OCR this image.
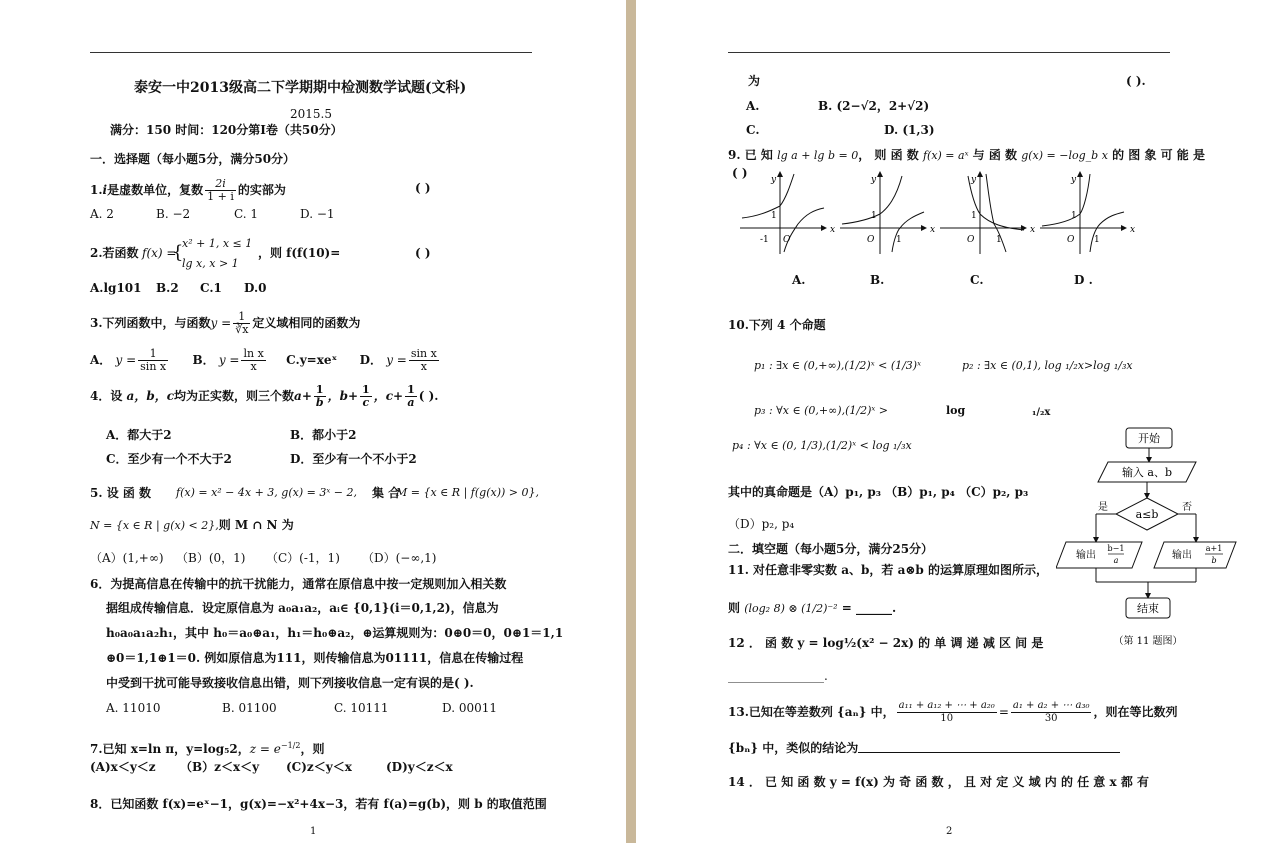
泰安一中2013级高二下学期期中检测数学试题(文科)
2015.5
满分：150 时间：120分第Ⅰ卷（共50分）
一．选择题（每小题5分，满分50分）
1.i是虚数单位，复数 $\frac{2i}{1 + i}$ 的实部为	( )
A. 2	B. −2	C. 1	D. −1
2.若函数 f(x) =
{
x² + 1, x ≤ 1
lg x, x > 1
，则 f(f(10)=	( )
A.lg101 B.2 C.1 D.0
3.下列函数中，与函数$y = \frac{1}{∛x}$ 定义域相同的函数为
A． $y = \frac{1}{\text{sin x}}$ B． $y = \frac{\text{ln x}}{x}$ C.y=xeˣ D． $y = \frac{\text{sin x}}{x}$
4．设 a，b，c均为正实数，则三个数$a+ \frac{1}{b}$ ，$b+ \frac{1}{c}$ ，$c+ \frac{1}{a}$ ( ).
A．都大于2	B．都小于2
C．至少有一个不大于2	D．至少有一个不小于2
5. 设 函 数 f(x) = x² − 4x + 3, g(x) = 3ˣ − 2, 集 合
M = {x ∈ R | f(g(x)) > 0},
N = {x ∈ R | g(x) < 2},则 M ∩ N 为
（A）(1,+∞) （B）(0，1) （C）(-1，1) （D）(−∞,1)
6．为提高信息在传输中的抗干扰能力，通常在原信息中按一定规则加入相关数
据组成传输信息．设定原信息为 a₀a₁a₂，aᵢ∈ {0,1}(i＝0,1,2)，信息为
h₀a₀a₁a₂h₁，其中 h₀＝a₀⊕a₁，h₁＝h₀⊕a₂，⊕运算规则为：0⊕0＝0，0⊕1＝1,1
⊕0＝1,1⊕1＝0. 例如原信息为111，则传输信息为01111，信息在传输过程
中受到干扰可能导致接收信息出错，则下列接收信息一定有误的是( ).
A. 11010	B. 01100	C. 10111	D. 00011
7.已知 x=ln π，y=log₅2，$z = e^{-1/2}$，则
(A)x＜y＜z （B）z＜x＜y (C)z＜y＜x	(D)y＜z＜x
8．已知函数 f(x)=eˣ−1，g(x)=−x²+4x−3，若有 f(a)=g(b)，则 b 的取值范围
1
为	( ).
A.	B. (2−√2，2+√2)
C.	D. (1,3)
9. 已 知 lg a + lg b = 0， 则 函 数 f(x) = aˣ 与 函 数 g(x) = −log_b x 的 图 象 可 能 是
( )	y
x
O
1
-1
y
x
O
1
1
y
x
O
1
1
y
x
O
1
1
A.	B.	C.	D .
10.下列 4 个命题
p₁ : ∃x ∈ (0,+∞),(1/2)ˣ < (1/3)ˣ	p₂ : ∃x ∈ (0,1), log ₁/₂x>log ₁/₃x
p₃ : ∀x ∈ (0,+∞),(1/2)ˣ >	log	₁/₂x
p₄ : ∀x ∈ (0, 1/3),(1/2)ˣ < log ₁/₃x
其中的真命题是（A）p₁, p₃ （B）p₁, p₄ （C）p₂, p₃
（D）p₂, p₄
二．填空题（每小题5分，满分25分）
11. 对任意非零实数 a、b，若 a⊗b 的运算原理如图所示，
则 (log₂ 8) ⊗ (1/2)⁻² = ______.
12 ． 函 数 y = log½(x² − 2x) 的 单 调 递 减 区 间 是
________________.
13.已知在等差数列 {aₙ} 中， $\frac{\text{a₁₁ + a₁₂ + ⋯ + a₂₀}}{10} = \frac{\text{a₁ + a₂ + ⋯ a₃₀}}{30}$ ，则在等比数列
{bₙ} 中，类似的结论为
14 ． 已 知 函 数 y = f(x) 为 奇 函 数 ， 且 对 定 义 域 内 的 任 意 x 都 有
开始
输入 a、b
a≤b
是	否
输出
b−1
a	输出
a+1
b
结束
（第 11 题图）
2
